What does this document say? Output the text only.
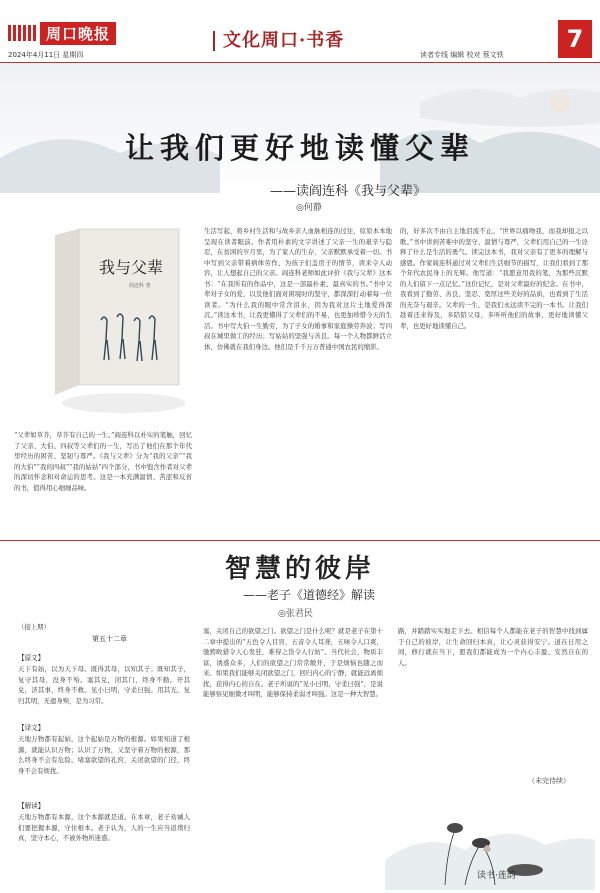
周口晚报
2024年4月11日 星期四
文化周口·书香
读者专线 编辑 校对 蔡文铁
7
让我们更好地读懂父辈
——读阎连科《我与父辈》
◎何静
我与父辈
阎连科 著
“父辈如草芥，草芥有自己的一生。”阎连科以朴实的笔触，回忆了父亲、大伯、四叔等父辈们的一生，写出了他们在那个年代里经历的困苦、坚韧与尊严。《我与父辈》分为“我的父亲”“我的大伯”“我的四叔”“我的姑姑”四个部分，书中饱含作者对父辈的深切怀念和对命运的思考。这是一本充满温情、苦涩和反省的书，值得用心细细品味。
生活写起，将乡村生活和与故乡亲人血脉相连的过往，原原本本地呈现在读者眼前。作者用朴素的文字讲述了父亲一生的艰辛与隐忍，在贫困的岁月里，为了家人的生存，父亲默默承受着一切。书中写到父亲带着病体劳作、为孩子们盖房子的情节，读来令人动容，让人想起自己的父亲。阎连科老师如此评价《我与父辈》这本书：“在我所有的作品中，这是一部最朴素、最真实的书。”书中父辈对子女的爱，以及他们面对困境时的坚守，都深深打动着每一位读者。“为什么我的眼中常含泪水，因为我对这片土地爱得深沉。”读这本书，让我更懂得了父辈们的不易，也更加珍惜今天的生活。书中写大伯一生勤劳，为了子女的婚事和家庭操劳奔波；写四叔在城里做工的经历；写姑姑的坚强与善良。每一个人物都鲜活立体，仿佛就在我们身边。他们是千千万万普通中国农民的缩影。
的，好多次不由自主地泪流不止。“世界以痛吻我，而我却报之以歌。”书中讲到苦难中的坚守、温情与尊严，父辈们用自己的一生诠释了什么是生活的勇气。读完这本书，我对父亲有了更多的理解与感恩。作家阎连科通过对父辈们生活细节的描写，让我们看到了那个年代农民身上的光辉。他写道：“我愿意用我的笔，为那些沉默的人们留下一点记忆。”这份记忆，是对父辈最好的纪念。在书中，我看到了勤劳、善良、坚忍、宽厚这些美好的品质，也看到了生活的无奈与艰辛。父辈的一生，是我们永远读不完的一本书。让我们趁着还来得及，多陪陪父母，多听听他们的故事，更好地读懂父辈，也更好地读懂自己。
智慧的彼岸
——老子《道德经》解读
◎张君民
（接上期）
第五十二章
【原文】
天下有始，以为天下母。既得其母，以知其子；既知其子，复守其母，没身不殆。塞其兑，闭其门，终身不勤。开其兑，济其事，终身不救。见小曰明，守柔曰强。用其光，复归其明，无遗身殃，是为习常。
【译文】
天地万物都有起始，这个起始是万物的根源。如果知道了根源，就能认识万物；认识了万物，又坚守着万物的根源，那么终身不会有危险。堵塞欲望的孔窍，关闭欲望的门径，终身不会有烦扰。
【解读】
天地万物都有本源，这个本源就是道。在本章，老子劝诫人们要把握本源，守住根本。老子认为，人的一生应当返璞归真，坚守本心，不被外物所迷惑。
塞，关闭自己的欲望之门。欲望之门是什么呢？就是老子在第十二章中提出的“五色令人目盲，五音令人耳聋，五味令人口爽，驰骋畋猎令人心发狂，难得之货令人行妨”。当代社会，物质丰富，诱惑众多，人们的欲望之门常常敞开，于是烦恼也随之而来。如果我们能够关闭欲望之门，回归内心的宁静，就能远离烦扰，获得内心的自在。老子所说的“见小曰明，守柔曰强”，是说能够察见细微才叫明，能够保持柔弱才叫强。这是一种大智慧。
路，并踏踏实实地走下去。相信每个人都能在老子的智慧中找到属于自己的彼岸，让生命回归本真，让心灵获得安宁。道在日用之间，修行就在当下，愿我们都能成为一个内心丰盈、安然自在的人。
（未完待续）
读书·莲韵
